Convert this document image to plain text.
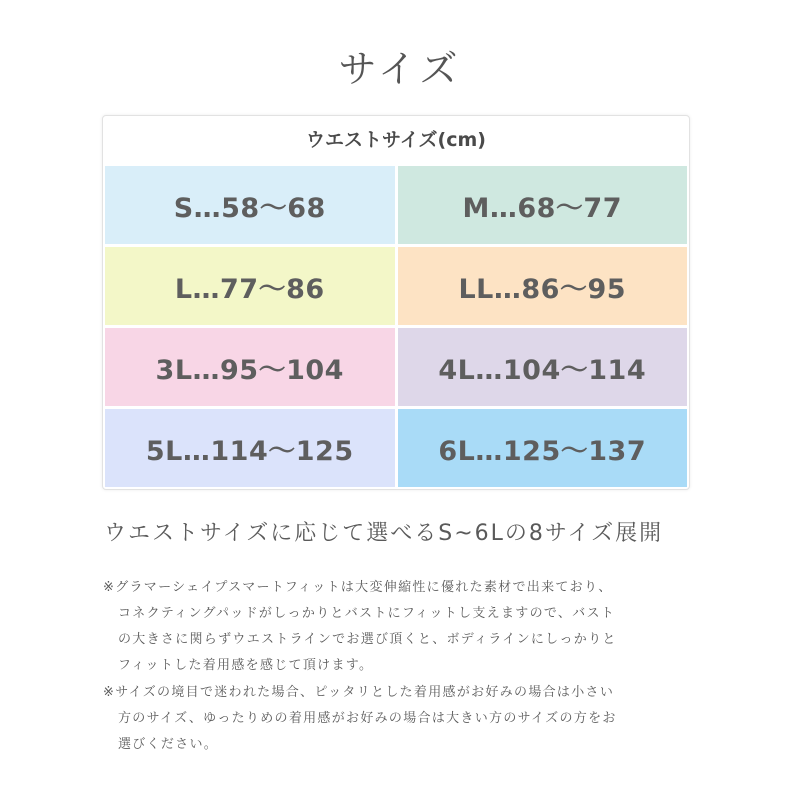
サイズ
ウエストサイズ(cm)
S…58〜68	M…68〜77
L…77〜86	LL…86〜95
3L…95〜104	4L…104〜114
5L…114〜125	6L…125〜137
ウエストサイズに応じて選べるS~6Lの8サイズ展開
※グラマーシェイプスマートフィットは大変伸縮性に優れた素材で出来ており、
コネクティングパッドがしっかりとバストにフィットし支えますので、バスト
の大きさに関らずウエストラインでお選び頂くと、ボディラインにしっかりと
フィットした着用感を感じて頂けます。
※サイズの境目で迷われた場合、ピッタリとした着用感がお好みの場合は小さい
方のサイズ、ゆったりめの着用感がお好みの場合は大きい方のサイズの方をお
選びください。
